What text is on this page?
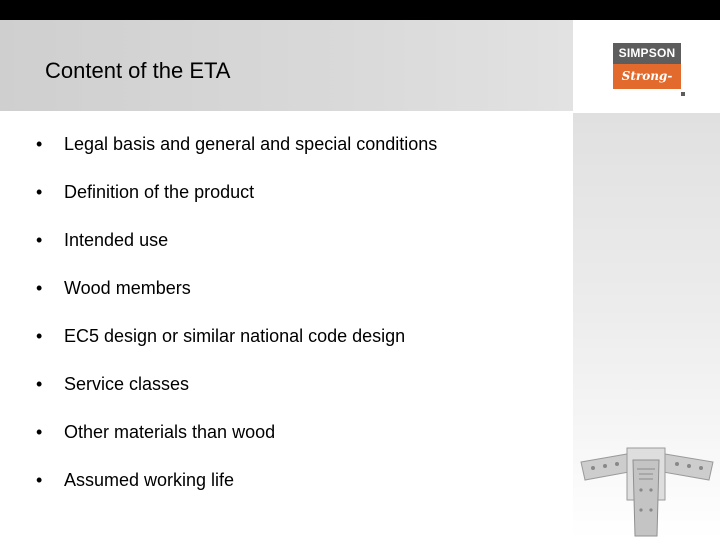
Content of the ETA
SIMPSON
Strong-Tie
•	Legal basis and general and special conditions
•	Definition of the product
•	Intended use
•	Wood members
•	EC5 design or similar national code design
•	Service classes
•	Other materials than wood
•	Assumed working life
